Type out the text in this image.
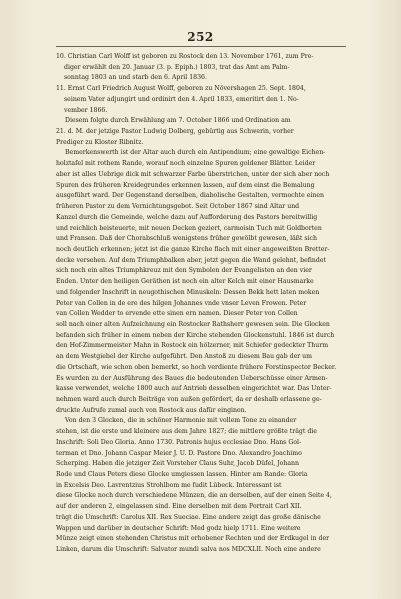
252
10. Christian Carl Wolff ist geboren zu Rostock den 13. November 1761, zum Pre-
diger erwählt den 20. Januar (3. p. Epiph.) 1803, trat das Amt am Palm-
sonntag 1803 an und starb den 6. April 1836.
11. Ernst Carl Friedrich August Wolff, geboren zu Növershagen 25. Sept. 1804,
seinem Vater adjungirt und ordinirt den 4. April 1833, emeritirt den 1. No-
vember 1866.
Diesem folgte durch Erwählung am 7. October 1866 und Ordination am
21. d. M. der jetzige Pastor Ludwig Dolberg, gebürtig aus Schwerin, vorher
Prediger zu Kloster Ribnitz.
Bemerkenswerth ist der Altar auch durch ein Antipendium; eine gewaltige Eichen-
holztafel mit rothem Rande, worauf noch einzelne Spuren goldener Blätter. Leider
aber ist alles Uebrige dick mit schwarzer Farbe überstrichen, unter der sich aber noch
Spuren des früheren Kreidegrundes erkennen lassen, auf dem einst die Bemalung
ausgeführt ward. Der Gegenstand derselben, diabolische Gestalten, vermochte einen
früheren Pastor zu dem Vernichtungsgebot. Seit October 1867 sind Altar und
Kanzel durch die Gemeinde, welche dazu auf Aufforderung des Pastors bereitwillig
und reichlich beisteuerte, mit neuen Decken geziert, carmoisin Tuch mit Goldborten
und Fransen. Daß der Chorabschluß wenigstens früher gewölbt gewesen, läßt sich
noch deutlich erkennen; jetzt ist die ganze Kirche flach mit einer angeweißten Bretter-
decke versehen. Auf dem Triumphbalken aber, jetzt gegen die Wand gelehnt, befindet
sich noch ein altes Triumphkreuz mit den Symbolen der Evangelisten an den vier
Enden. Unter den heiligen Geräthen ist noch ein alter Kelch mit einer Hausmarke
und folgender Inschrift in neugothischen Minuskeln: Dessen Bekk hett laten moken
Peter van Collen in de ere des hilgen Johannes vnde vnser Leven Frowen. Peter
van Collen Wedder to ervende ette sinen ern namen. Dieser Peter von Collen
soll nach einer alten Aufzeichnung ein Rostocker Rathsherr gewesen sein. Die Glocken
befanden sich früher in einem neben der Kirche stehenden Glockenstuhl. 1846 ist durch
den Hof-Zimmermeister Mahn in Rostock ein hölzerner, mit Schiefer gedeckter Thurm
an dem Westgiebel der Kirche aufgeführt. Den Anstoß zu diesem Bau gab der um
die Ortschaft, wie schon oben bemerkt, so hoch verdiente frühere Forstinspector Becker.
Es wurden zu der Ausführung des Baues die bedeutenden Ueberschüsse einer Armen-
kasse verwendet, welche 1800 auch auf Antrieb desselben eingerichtet war. Das Unter-
nehmen ward auch durch Beiträge von außen gefördert, da er deshalb erlassene ge-
druckte Aufrufe zumal auch von Rostock aus dafür einginen.
Von den 3 Glocken, die in schöner Harmonie mit vollem Tone zu einander
stehen, ist die erste und kleinere aus dem Jahre 1827; die mittlere größte trägt die
Inschrift: Soli Deo Gloria. Anno 1730. Patronis hujus ecclesiae Dno. Hans Gol-
terman et Dno. Johann Caspar Meier J. U. D. Pastore Dno. Alexandro Joachimo
Scherping. Haben die jetziger Zeit Vorsteher Claus Suhr, Jacob Düfel, Johann
Rode und Claus Peters diese Glocke umgiessen lassen. Hinter am Rande: Gloria
in Excelsis Deo. Lavrentzius Strohlbom me fudit Lübeck. Interessant ist
diese Glocke noch durch verschiedene Münzen, die an derselben, auf der einen Seite 4,
auf der anderen 2, eingelassen sind. Eine derselben mit dem Portrait Carl XII.
trägt die Umschrift: Carolus XII. Rex Sueciae. Eine andere zeigt das große dänische
Wappen und darüber in deutscher Schrift: Med godz hielp 1711. Eine weitere
Münze zeigt einen stehenden Christus mit erhobener Rechten und der Erdkugel in der
Linken, darum die Umschrift: Salvator mundi salva nos MDCXLII. Noch eine andere
